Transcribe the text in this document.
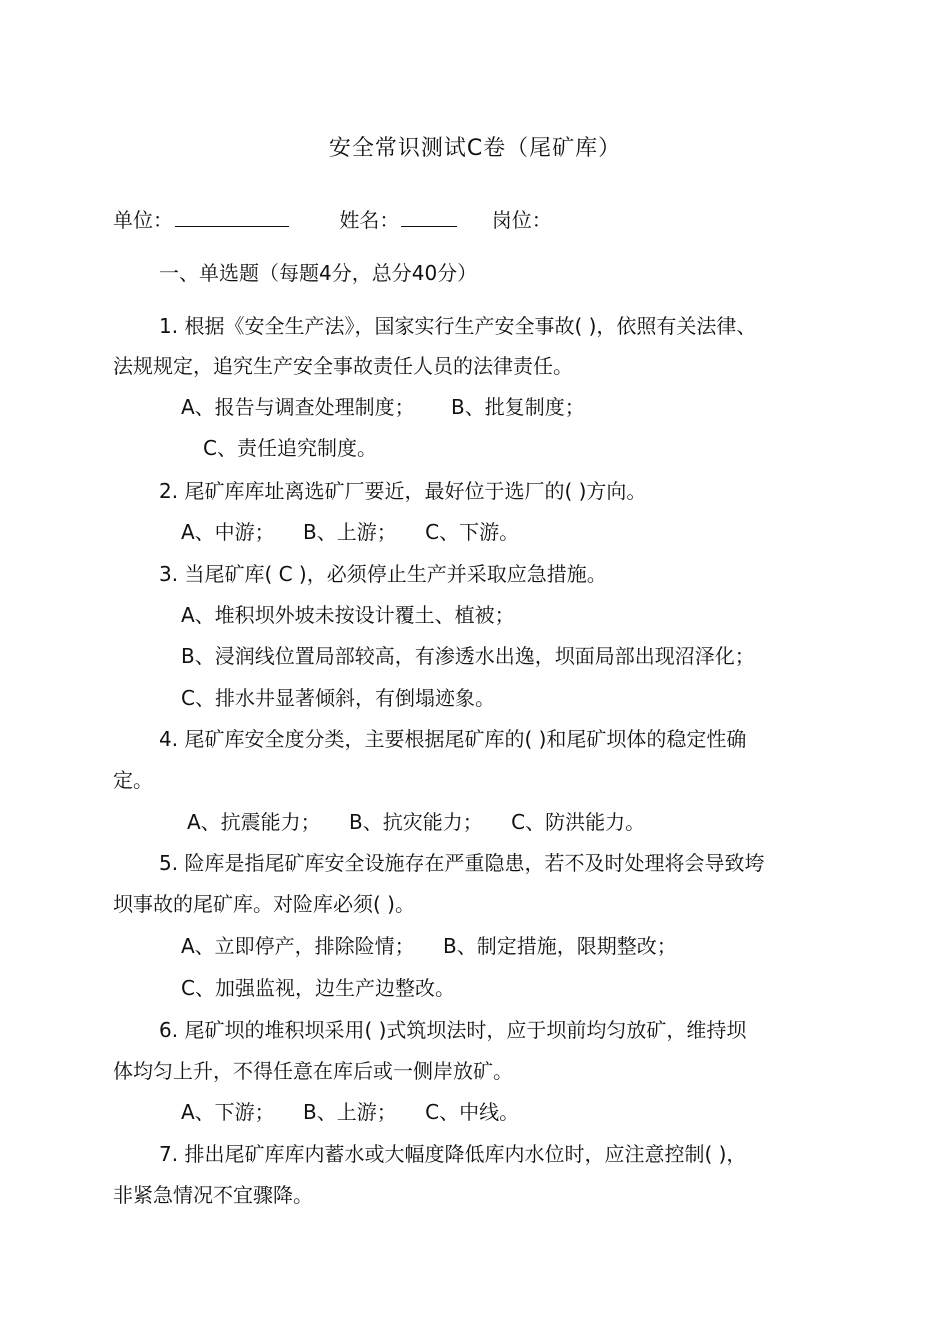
安全常识测试C卷（尾矿库）
单位：	姓名：	岗位：
一、单选题（每题4分，总分40分）
1. 根据《安全生产法》，国家实行生产安全事故( )，依照有关法律、
法规规定，追究生产安全事故责任人员的法律责任。
A、报告与调查处理制度； B、批复制度；
C、责任追究制度。
2. 尾矿库库址离选矿厂要近，最好位于选厂的( )方向。
A、中游； B、上游； C、下游。
3. 当尾矿库( C )，必须停止生产并采取应急措施。
A、堆积坝外坡未按设计覆土、植被；
B、浸润线位置局部较高，有渗透水出逸，坝面局部出现沼泽化；
C、排水井显著倾斜，有倒塌迹象。
4. 尾矿库安全度分类，主要根据尾矿库的( )和尾矿坝体的稳定性确
定。
A、抗震能力； B、抗灾能力； C、防洪能力。
5. 险库是指尾矿库安全设施存在严重隐患，若不及时处理将会导致垮
坝事故的尾矿库。对险库必须( )。
A、立即停产，排除险情； B、制定措施，限期整改；
C、加强监视，边生产边整改。
6. 尾矿坝的堆积坝采用( )式筑坝法时，应于坝前均匀放矿，维持坝
体均匀上升，不得任意在库后或一侧岸放矿。
A、下游； B、上游； C、中线。
7. 排出尾矿库库内蓄水或大幅度降低库内水位时，应注意控制( )，
非紧急情况不宜骤降。
